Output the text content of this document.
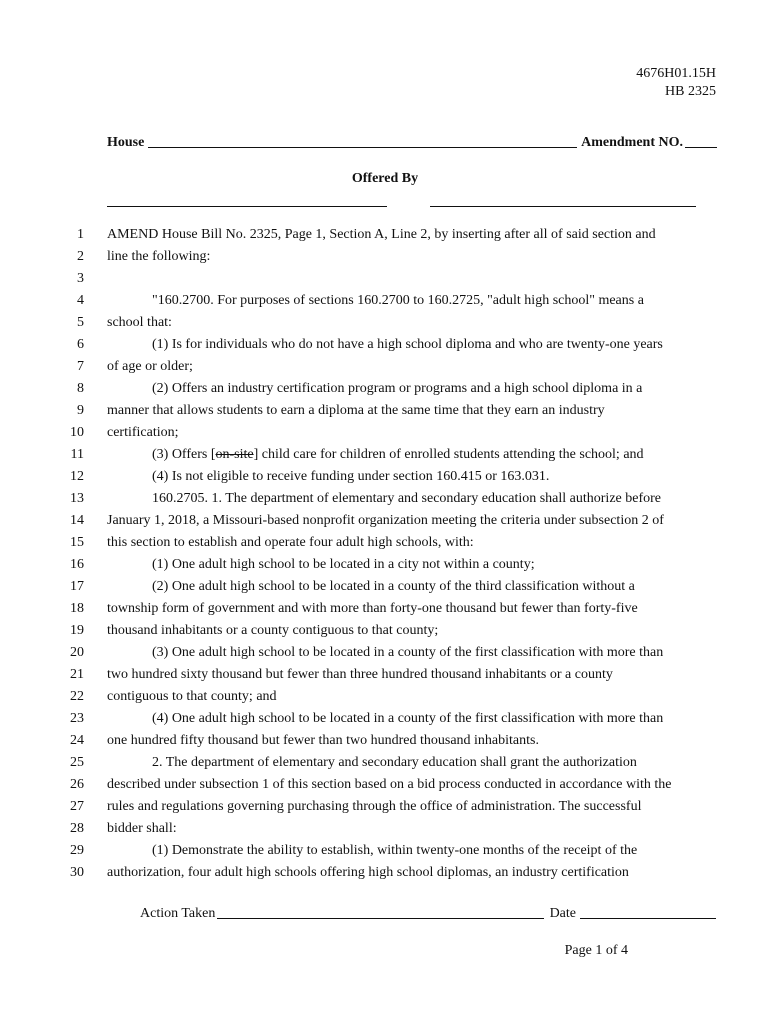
4676H01.15H
HB 2325
House	Amendment NO.
Offered By
1 AMEND House Bill No. 2325, Page 1, Section A, Line 2, by inserting after all of said section and
2 line the following:
3
4	"160.2700. For purposes of sections 160.2700 to 160.2725, "adult high school" means a
5 school that:
6	(1) Is for individuals who do not have a high school diploma and who are twenty-one years
7 of age or older;
8	(2) Offers an industry certification program or programs and a high school diploma in a
9 manner that allows students to earn a diploma at the same time that they earn an industry
10 certification;
11	(3) Offers [on-site] child care for children of enrolled students attending the school; and
12	(4) Is not eligible to receive funding under section 160.415 or 163.031.
13	160.2705. 1. The department of elementary and secondary education shall authorize before
14 January 1, 2018, a Missouri-based nonprofit organization meeting the criteria under subsection 2 of
15 this section to establish and operate four adult high schools, with:
16	(1) One adult high school to be located in a city not within a county;
17	(2) One adult high school to be located in a county of the third classification without a
18 township form of government and with more than forty-one thousand but fewer than forty-five
19 thousand inhabitants or a county contiguous to that county;
20	(3) One adult high school to be located in a county of the first classification with more than
21 two hundred sixty thousand but fewer than three hundred thousand inhabitants or a county
22 contiguous to that county; and
23	(4) One adult high school to be located in a county of the first classification with more than
24 one hundred fifty thousand but fewer than two hundred thousand inhabitants.
25	2. The department of elementary and secondary education shall grant the authorization
26 described under subsection 1 of this section based on a bid process conducted in accordance with the
27 rules and regulations governing purchasing through the office of administration. The successful
28 bidder shall:
29	(1) Demonstrate the ability to establish, within twenty-one months of the receipt of the
30 authorization, four adult high schools offering high school diplomas, an industry certification
Action Taken	Date
Page 1 of 4
